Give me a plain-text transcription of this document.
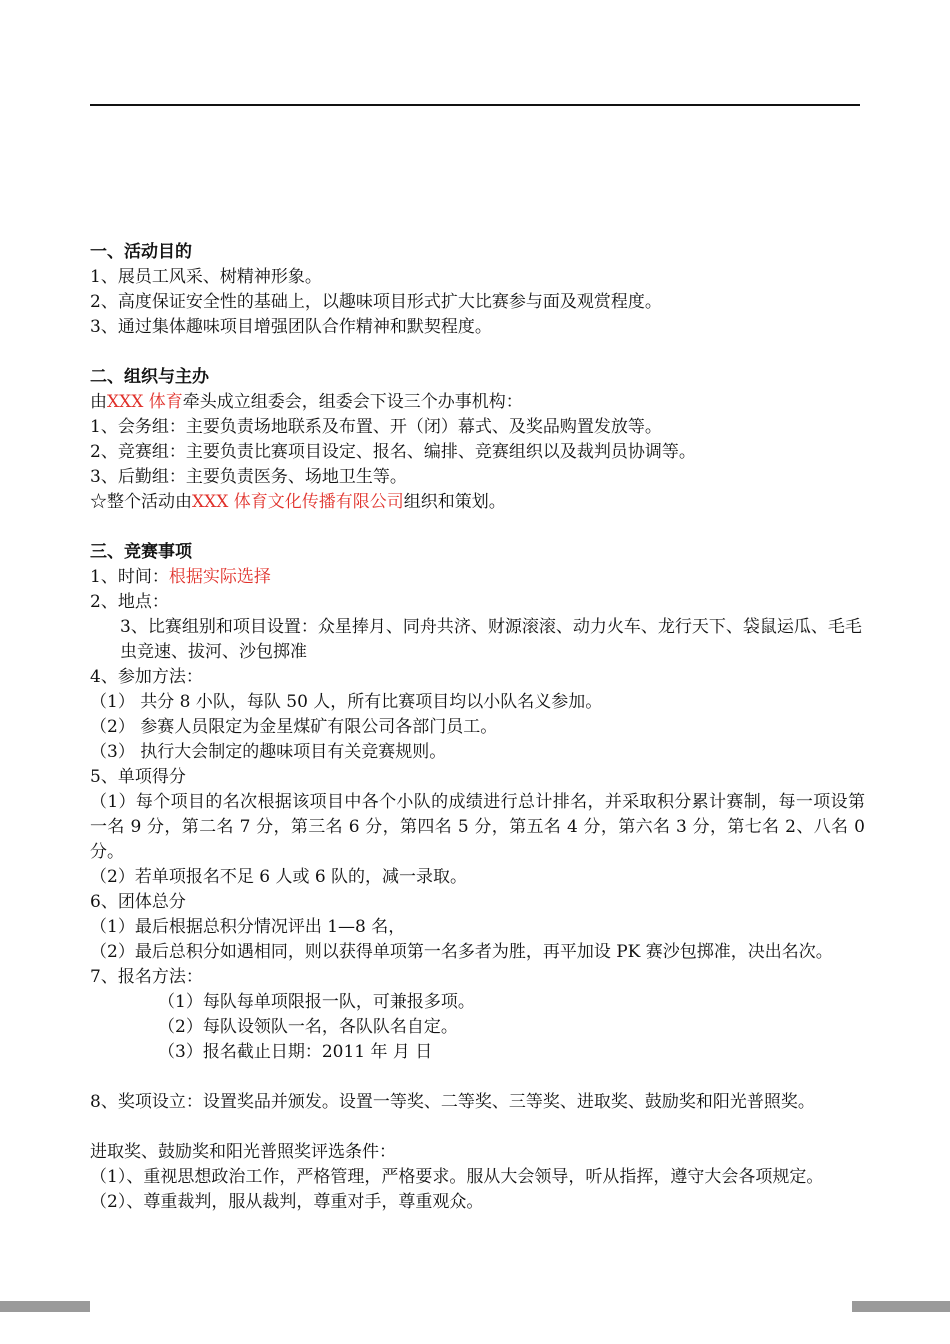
一、活动目的
1、展员工风采、树精神形象。
2、高度保证安全性的基础上，以趣味项目形式扩大比赛参与面及观赏程度。
3、通过集体趣味项目增强团队合作精神和默契程度。
二、组织与主办
由XXX 体育牵头成立组委会，组委会下设三个办事机构：
1、会务组：主要负责场地联系及布置、开（闭）幕式、及奖品购置发放等。
2、竞赛组：主要负责比赛项目设定、报名、编排、竞赛组织以及裁判员协调等。
3、后勤组：主要负责医务、场地卫生等。
☆整个活动由XXX 体育文化传播有限公司组织和策划。
三、竞赛事项
1、时间：根据实际选择
2、地点：
3、比赛组别和项目设置：众星捧月、同舟共济、财源滚滚、动力火车、龙行天下、袋鼠运瓜、毛毛虫竞速、拔河、沙包掷准
4、参加方法：
（1） 共分 8 小队，每队 50 人，所有比赛项目均以小队名义参加。
（2） 参赛人员限定为金星煤矿有限公司各部门员工。
（3） 执行大会制定的趣味项目有关竞赛规则。
5、单项得分
（1）每个项目的名次根据该项目中各个小队的成绩进行总计排名，并采取积分累计赛制，每一项设第一名 9 分，第二名 7 分，第三名 6 分，第四名 5 分，第五名 4 分，第六名 3 分，第七名 2、八名 0 分。
（2）若单项报名不足 6 人或 6 队的，减一录取。
6、团体总分
（1）最后根据总积分情况评出 1—8 名，
（2）最后总积分如遇相同，则以获得单项第一名多者为胜，再平加设 PK 赛沙包掷准，决出名次。
7、报名方法：
（1）每队每单项限报一队，可兼报多项。
（2）每队设领队一名，各队队名自定。
（3）报名截止日期：2011 年 月 日
8、奖项设立：设置奖品并颁发。设置一等奖、二等奖、三等奖、进取奖、鼓励奖和阳光普照奖。
进取奖、鼓励奖和阳光普照奖评选条件：
（1）、重视思想政治工作，严格管理，严格要求。服从大会领导，听从指挥，遵守大会各项规定。
（2）、尊重裁判，服从裁判，尊重对手，尊重观众。
